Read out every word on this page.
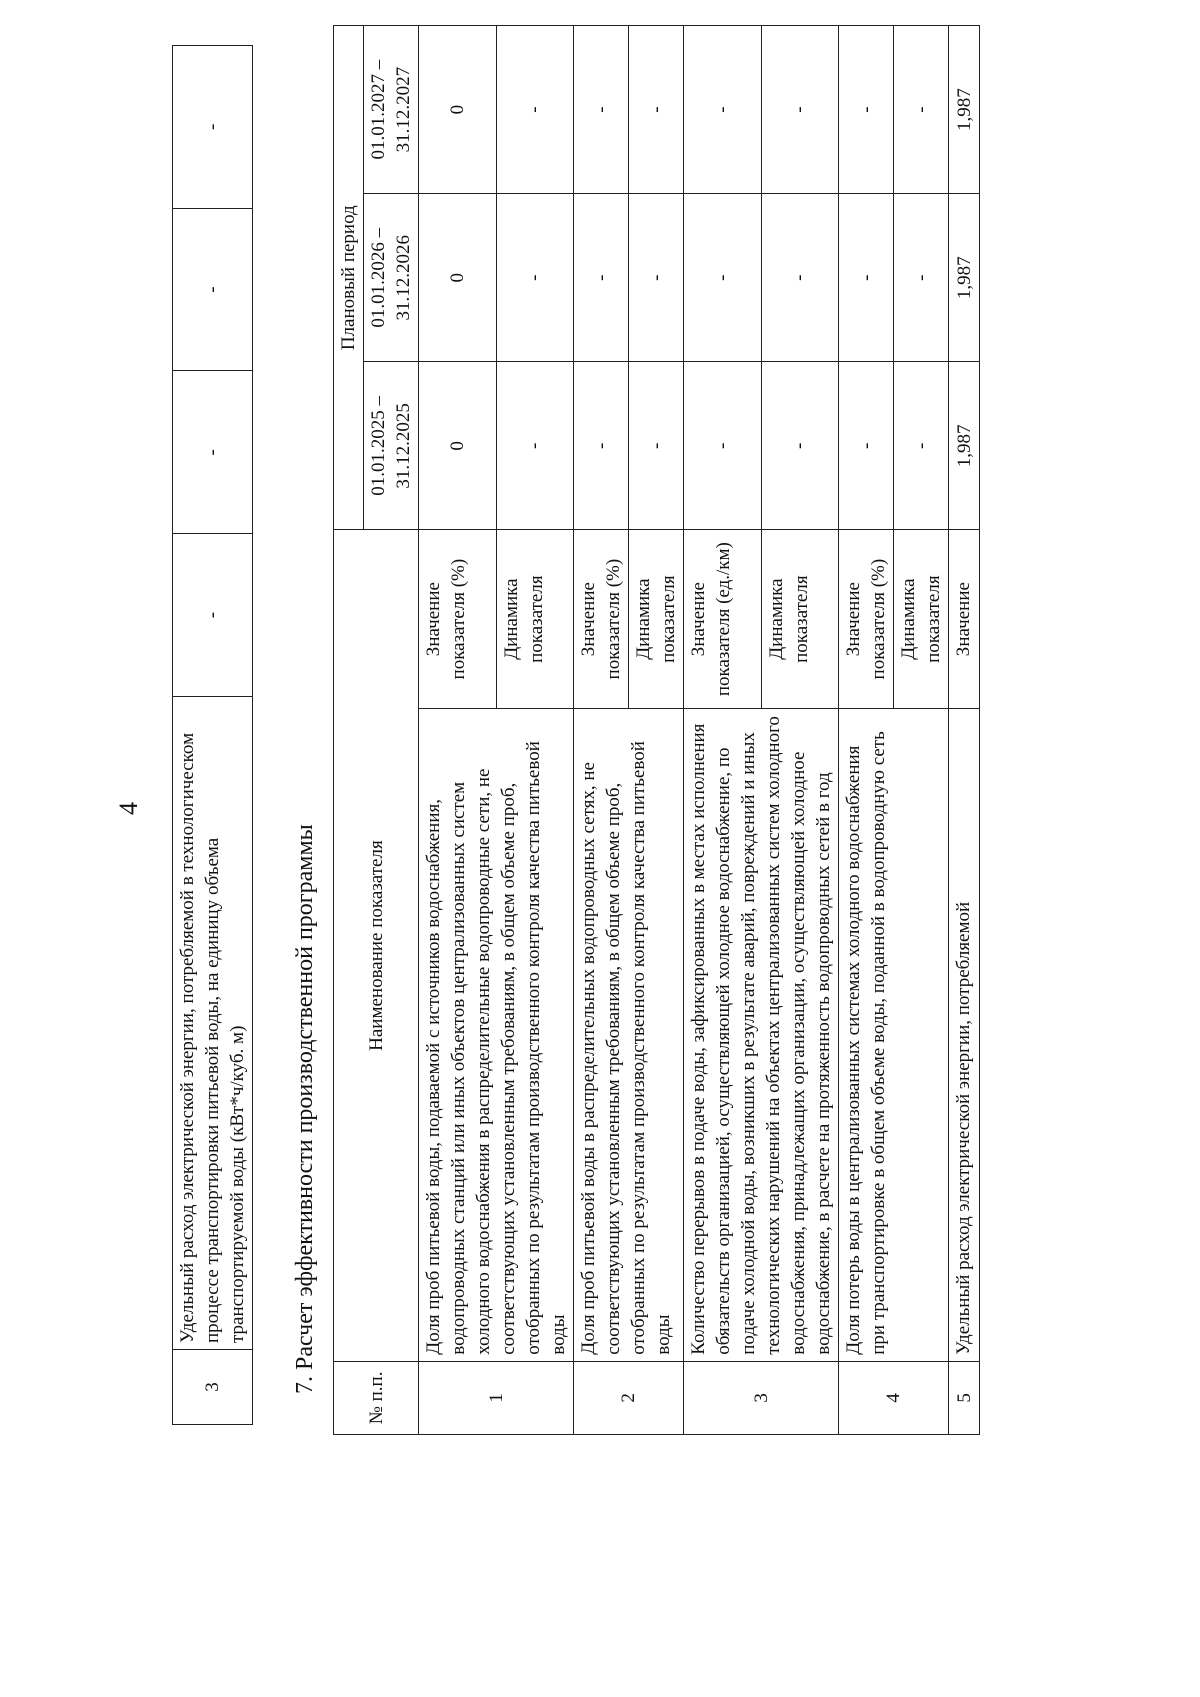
4
3	Удельный расход электрической энергии, потребляемой в технологическом процессе транспортировки питьевой воды, на единицу объема транспортируемой воды (кВт*ч/куб. м)	-	-	-	-
7. Расчет эффективности производственной программы
№ п.п.	Наименование показателя		Плановый период		
			01.01.2025 – 31.12.2025	01.01.2026 – 31.12.2026	01.01.2027 – 31.12.2027
1	Доля проб питьевой воды, подаваемой с источников водоснабжения, водопроводных станций или иных объектов централизованных систем холодного водоснабжения в распределительные водопроводные сети, не соответствующих установленным требованиям, в общем объеме проб, отобранных по результатам производственного контроля качества питьевой воды	Значение показателя (%)	0	0	0
		Динамика показателя	-	-	-
2	Доля проб питьевой воды в распределительных водопроводных сетях, не соответствующих установленным требованиям, в общем объеме проб, отобранных по результатам производственного контроля качества питьевой воды	Значение показателя (%)	-	-	-
		Динамика показателя	-	-	-
3	Количество перерывов в подаче воды, зафиксированных в местах исполнения обязательств организацией, осуществляющей холодное водоснабжение, по подаче холодной воды, возникших в результате аварий, повреждений и иных технологических нарушений на объектах централизованных систем холодного водоснабжения, принадлежащих организации, осуществляющей холодное водоснабжение, в расчете на протяженность водопроводных сетей в год	Значение показателя (ед./км)	-	-	-
		Динамика показателя	-	-	-
4	Доля потерь воды в централизованных системах холодного водоснабжения при транспортировке в общем объеме воды, поданной в водопроводную сеть	Значение показателя (%)	-	-	-
		Динамика показателя	-	-	-
5	Удельный расход электрической энергии, потребляемой	Значение	1,987	1,987	1,987
